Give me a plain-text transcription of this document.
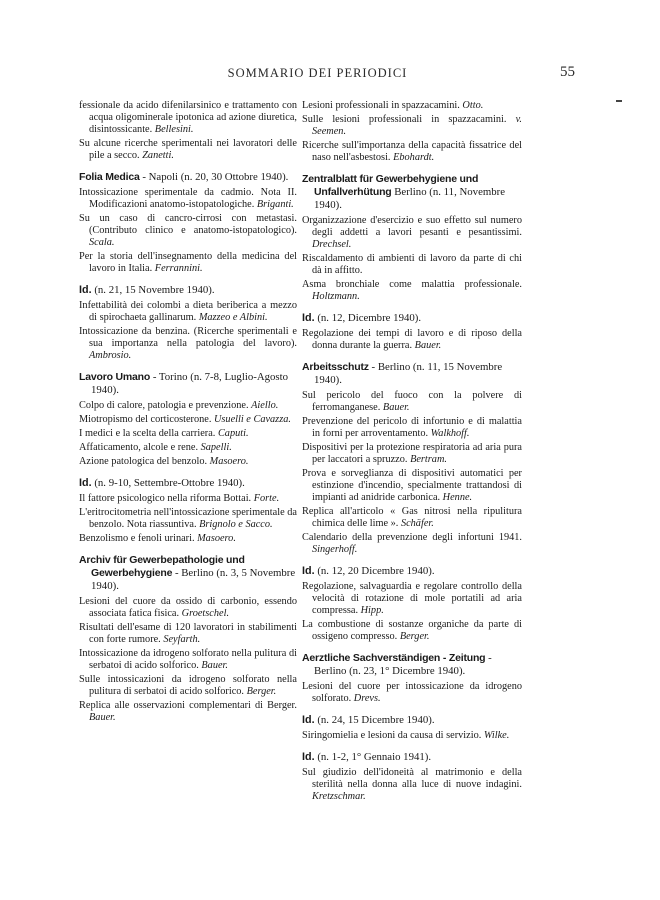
SOMMARIO DEI PERIODICI	55

fessionale da acido difenilarsinico e trattamento con acqua oligominerale ipotonica ad azione diuretica, disintossicante. Bellesini.

Su alcune ricerche sperimentali nei lavoratori delle pile a secco. Zanetti.

Folia Medica - Napoli (n. 20, 30 Ottobre 1940).

Intossicazione sperimentale da cadmio. Nota II. Modificazioni anatomo-istopatologiche. Briganti.

Su un caso di cancro-cirrosi con metastasi. (Contributo clinico e anatomo-istopatologico). Scala.

Per la storia dell'insegnamento della medicina del lavoro in Italia. Ferrannini.

Id. (n. 21, 15 Novembre 1940).

Infettabilità dei colombi a dieta beriberica a mezzo di spirochaeta gallinarum. Mazzeo e Albini.

Intossicazione da benzina. (Ricerche sperimentali e sua importanza nella patologia del lavoro). Ambrosio.

Lavoro Umano - Torino (n. 7-8, Luglio-Agosto 1940).

Colpo di calore, patologia e prevenzione. Aiello.

Miotropismo del corticosterone. Usuelli e Cavazza.

I medici e la scelta della carriera. Caputi.

Affaticamento, alcole e rene. Sapelli.

Azione patologica del benzolo. Masoero.

Id. (n. 9-10, Settembre-Ottobre 1940).

Il fattore psicologico nella riforma Bottai. Forte.

L'eritrocitometria nell'intossicazione sperimentale da benzolo. Nota riassuntiva. Brignolo e Sacco.

Benzolismo e fenoli urinari. Masoero.

Archiv für Gewerbepathologie und Gewerbehygiene - Berlino (n. 3, 5 Novembre 1940).

Lesioni del cuore da ossido di carbonio, essendo associata fatica fisica. Groetschel.

Risultati dell'esame di 120 lavoratori in stabilimenti con forte rumore. Seyfarth.

Intossicazione da idrogeno solforato nella pulitura di serbatoi di acido solforico. Bauer.

Sulle intossicazioni da idrogeno solforato nella pulitura di serbatoi di acido solforico. Berger.

Replica alle osservazioni complementari di Berger. Bauer.

Lesioni professionali in spazzacamini. Otto.

Sulle lesioni professionali in spazzacamini. v. Seemen.

Ricerche sull'importanza della capacità fissatrice del naso nell'asbestosi. Ebohardt.

Zentralblatt für Gewerbehygiene und Unfallverhütung Berlino (n. 11, Novembre 1940).

Organizzazione d'esercizio e suo effetto sul numero degli addetti a lavori pesanti e pesantissimi. Drechsel.

Riscaldamento di ambienti di lavoro da parte di chi dà in affitto.

Asma bronchiale come malattia professionale. Holtzmann.

Id. (n. 12, Dicembre 1940).

Regolazione dei tempi di lavoro e di riposo della donna durante la guerra. Bauer.

Arbeitsschutz - Berlino (n. 11, 15 Novembre 1940).

Sul pericolo del fuoco con la polvere di ferromanganese. Bauer.

Prevenzione del pericolo di infortunio e di malattia in forni per arroventamento. Walkhoff.

Dispositivi per la protezione respiratoria ad aria pura per laccatori a spruzzo. Bertram.

Prova e sorveglianza di dispositivi automatici per estinzione d'incendio, specialmente trattandosi di impianti ad anidride carbonica. Henne.

Replica all'articolo « Gas nitrosi nella ripulitura chimica delle lime ». Schäfer.

Calendario della prevenzione degli infortuni 1941. Singerhoff.

Id. (n. 12, 20 Dicembre 1940).

Regolazione, salvaguardia e regolare controllo della velocità di rotazione di mole portatili ad aria compressa. Hipp.

La combustione di sostanze organiche da parte di ossigeno compresso. Berger.

Aerztliche Sachverständigen - Zeitung - Berlino (n. 23, 1° Dicembre 1940).

Lesioni del cuore per intossicazione da idrogeno solforato. Drevs.

Id. (n. 24, 15 Dicembre 1940).

Siringomielia e lesioni da causa di servizio. Wilke.

Id. (n. 1-2, 1° Gennaio 1941).

Sul giudizio dell'idoneità al matrimonio e della sterilità nella donna alla luce di nuove indagini. Kretzschmar.
